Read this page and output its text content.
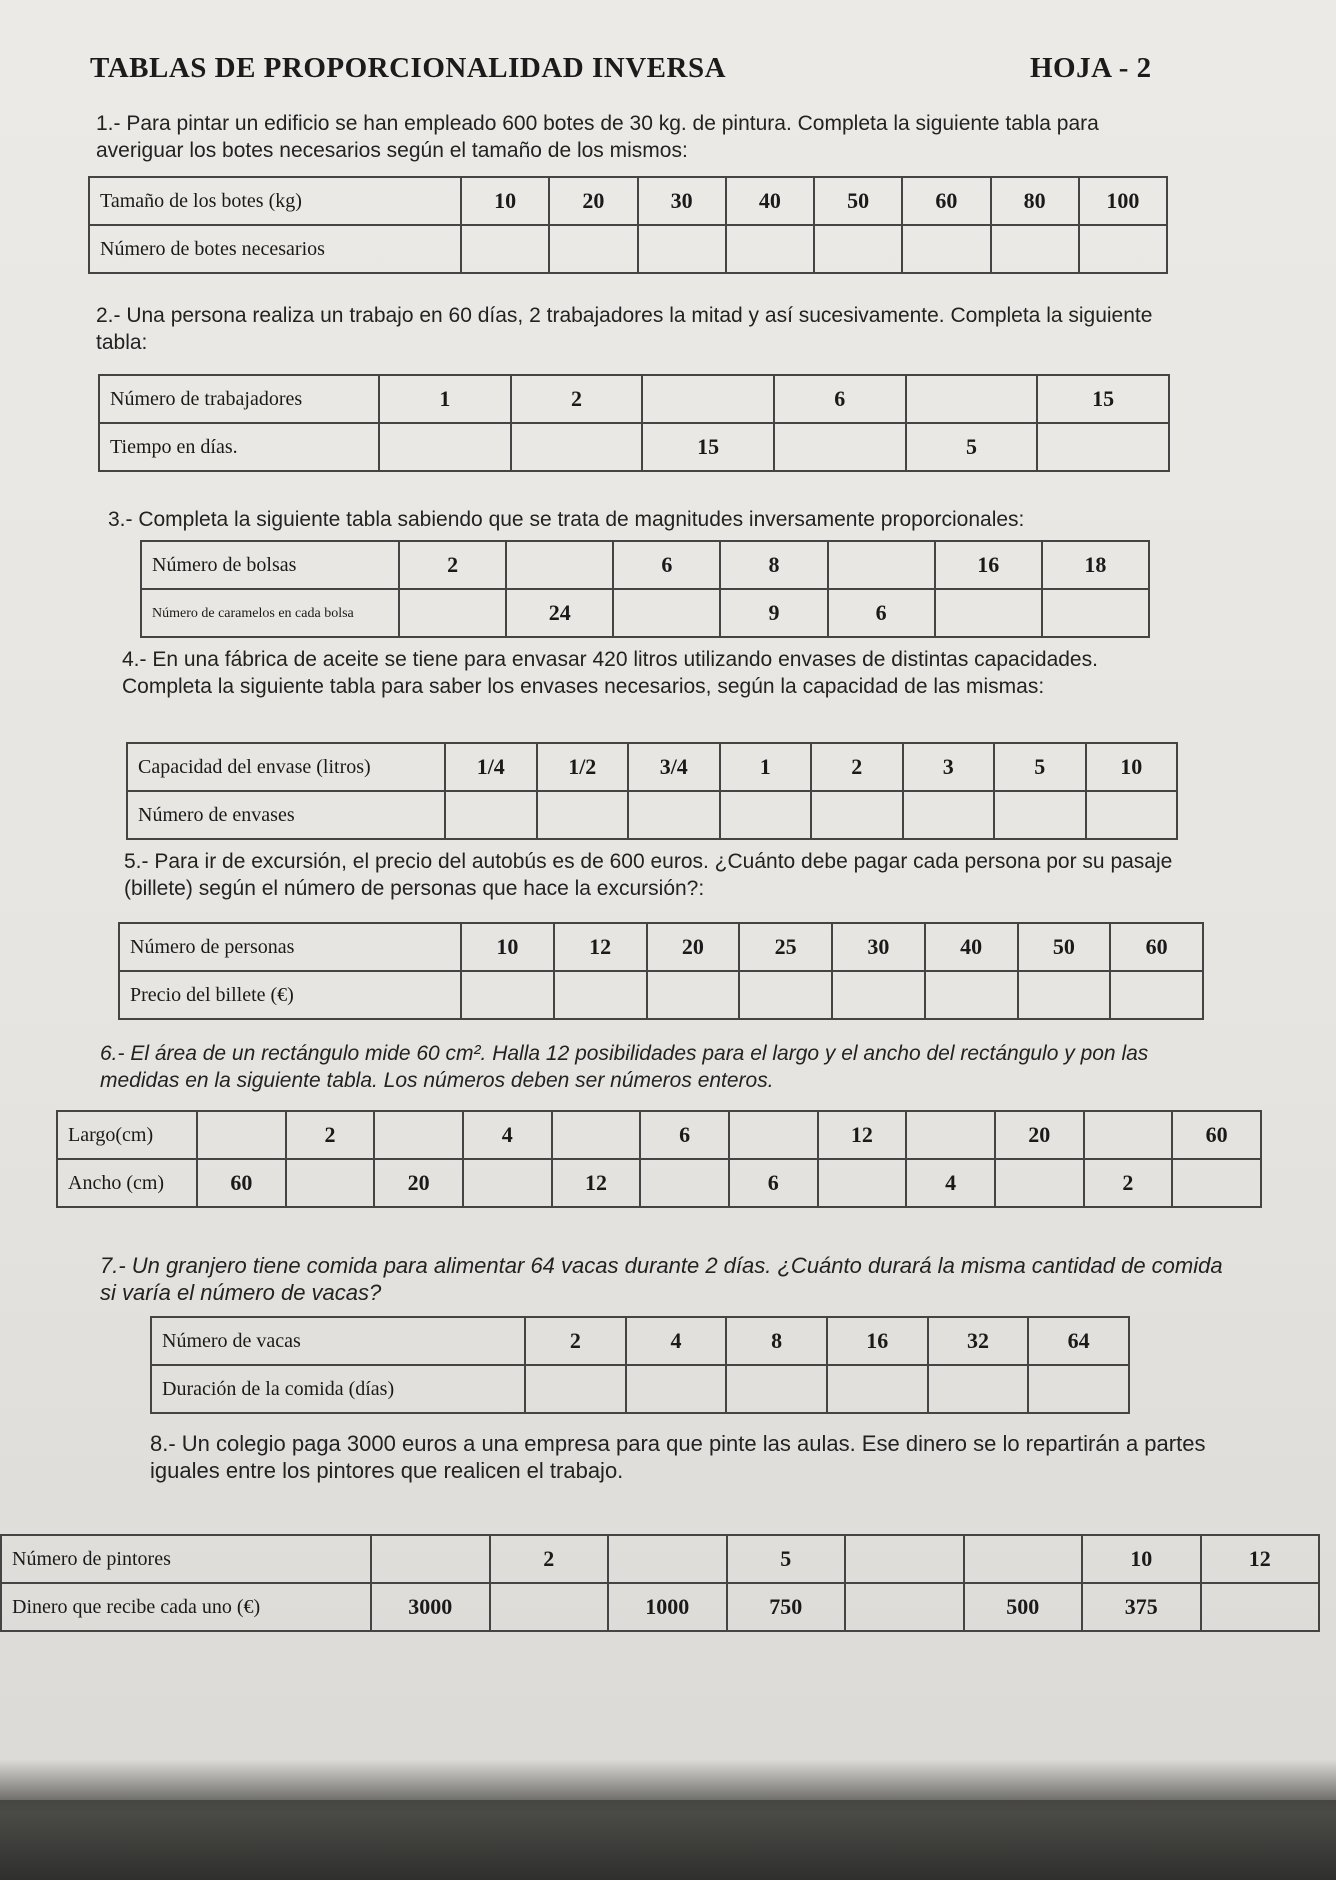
TABLAS DE PROPORCIONALIDAD INVERSA	HOJA - 2
1.- Para pintar un edificio se han empleado 600 botes de 30 kg. de pintura. Completa la siguiente tabla para averiguar los botes necesarios según el tamaño de los mismos:
Tamaño de los botes (kg)	10	20	30	40	50	60	80	100
Número de botes necesarios								
2.- Una persona realiza un trabajo en 60 días, 2 trabajadores la mitad y así sucesivamente. Completa la siguiente tabla:
Número de trabajadores	1	2		6		15
Tiempo en días.			15		5	
3.- Completa la siguiente tabla sabiendo que se trata de magnitudes inversamente proporcionales:
Número de bolsas	2		6	8		16	18
Número de caramelos en cada bolsa		24		9	6		
4.- En una fábrica de aceite se tiene para envasar 420 litros utilizando envases de distintas capacidades. Completa la siguiente tabla para saber los envases necesarios, según la capacidad de las mismas:
Capacidad del envase (litros)	1/4	1/2	3/4	1	2	3	5	10
Número de envases								
5.- Para ir de excursión, el precio del autobús es de 600 euros. ¿Cuánto debe pagar cada persona por su pasaje (billete) según el número de personas que hace la excursión?:
Número de personas	10	12	20	25	30	40	50	60
Precio del billete (€)								
6.- El área de un rectángulo mide 60 cm². Halla 12 posibilidades para el largo y el ancho del rectángulo y pon las medidas en la siguiente tabla. Los números deben ser números enteros.
Largo(cm)		2		4		6		12		20		60
Ancho (cm)	60		20		12		6		4		2	
7.- Un granjero tiene comida para alimentar 64 vacas durante 2 días. ¿Cuánto durará la misma cantidad de comida si varía el número de vacas?
Número de vacas	2	4	8	16	32	64
Duración de la comida (días)						
8.- Un colegio paga 3000 euros a una empresa para que pinte las aulas. Ese dinero se lo repartirán a partes iguales entre los pintores que realicen el trabajo.
Número de pintores		2		5			10	12
Dinero que recibe cada uno (€)	3000		1000	750		500	375	
